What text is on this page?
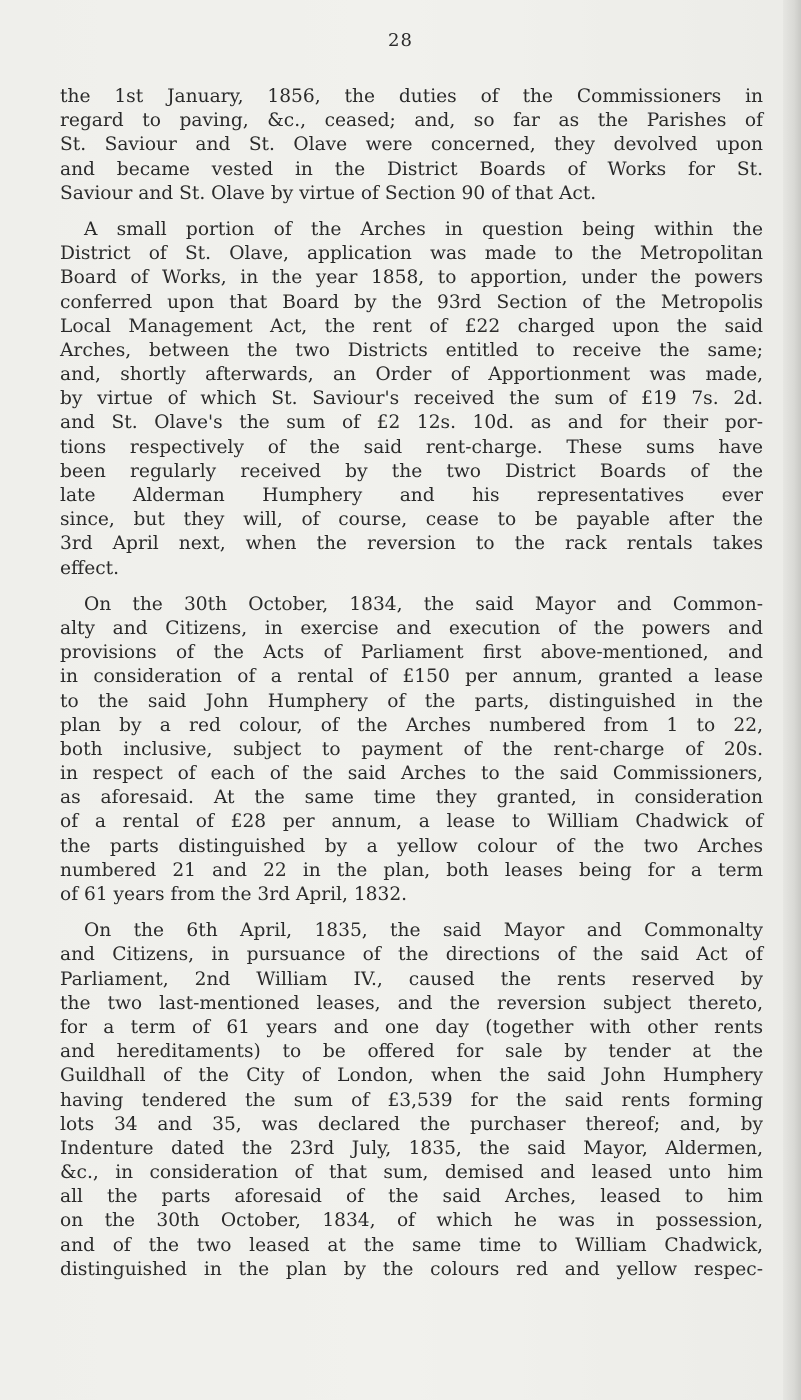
28
the 1st January, 1856, the duties of the Commissioners in
regard to paving, &c., ceased; and, so far as the Parishes of
St. Saviour and St. Olave were concerned, they devolved upon
and became vested in the District Boards of Works for St.
Saviour and St. Olave by virtue of Section 90 of that Act.
A small portion of the Arches in question being within the
District of St. Olave, application was made to the Metropolitan
Board of Works, in the year 1858, to apportion, under the powers
conferred upon that Board by the 93rd Section of the Metropolis
Local Management Act, the rent of £22 charged upon the said
Arches, between the two Districts entitled to receive the same;
and, shortly afterwards, an Order of Apportionment was made,
by virtue of which St. Saviour's received the sum of £19 7s. 2d.
and St. Olave's the sum of £2 12s. 10d. as and for their por-
tions respectively of the said rent-charge. These sums have
been regularly received by the two District Boards of the
late Alderman Humphery and his representatives ever
since, but they will, of course, cease to be payable after the
3rd April next, when the reversion to the rack rentals takes
effect.
On the 30th October, 1834, the said Mayor and Common-
alty and Citizens, in exercise and execution of the powers and
provisions of the Acts of Parliament first above-mentioned, and
in consideration of a rental of £150 per annum, granted a lease
to the said John Humphery of the parts, distinguished in the
plan by a red colour, of the Arches numbered from 1 to 22,
both inclusive, subject to payment of the rent-charge of 20s.
in respect of each of the said Arches to the said Commissioners,
as aforesaid. At the same time they granted, in consideration
of a rental of £28 per annum, a lease to William Chadwick of
the parts distinguished by a yellow colour of the two Arches
numbered 21 and 22 in the plan, both leases being for a term
of 61 years from the 3rd April, 1832.
On the 6th April, 1835, the said Mayor and Commonalty
and Citizens, in pursuance of the directions of the said Act of
Parliament, 2nd William IV., caused the rents reserved by
the two last-mentioned leases, and the reversion subject thereto,
for a term of 61 years and one day (together with other rents
and hereditaments) to be offered for sale by tender at the
Guildhall of the City of London, when the said John Humphery
having tendered the sum of £3,539 for the said rents forming
lots 34 and 35, was declared the purchaser thereof; and, by
Indenture dated the 23rd July, 1835, the said Mayor, Aldermen,
&c., in consideration of that sum, demised and leased unto him
all the parts aforesaid of the said Arches, leased to him
on the 30th October, 1834, of which he was in possession,
and of the two leased at the same time to William Chadwick,
distinguished in the plan by the colours red and yellow respec-
